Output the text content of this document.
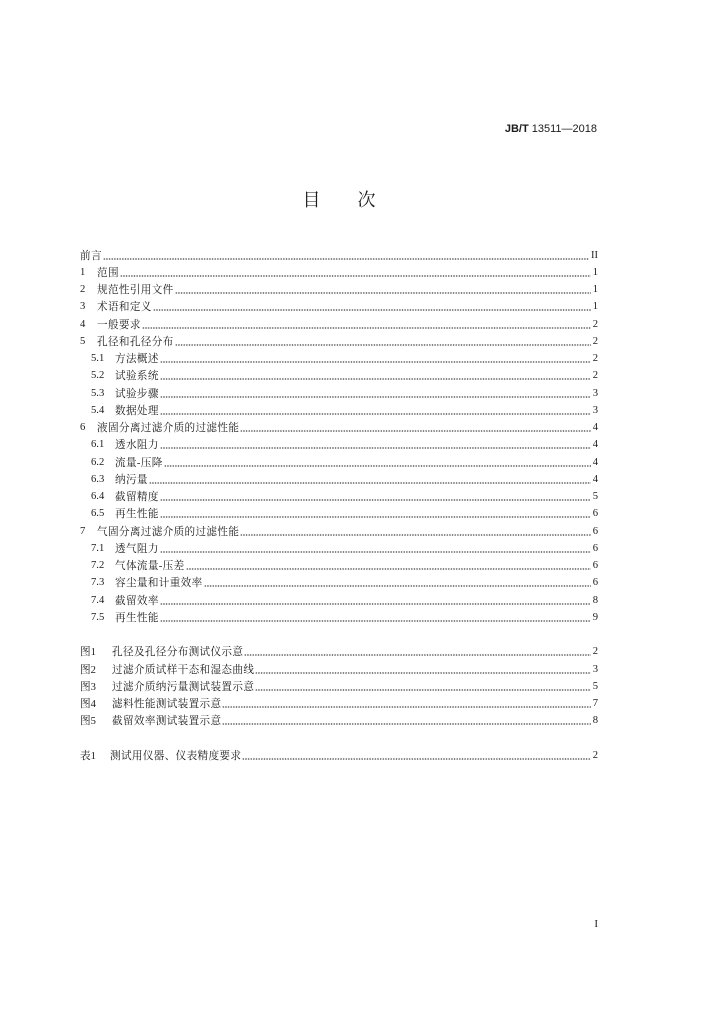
JB/T 13511—2018
目　次
前言	II
1	范围	1
2	规范性引用文件	1
3	术语和定义	1
4	一般要求	2
5	孔径和孔径分布	2
5.1	方法概述	2
5.2	试验系统	2
5.3	试验步骤	3
5.4	数据处理	3
6	液固分离过滤介质的过滤性能	4
6.1	透水阻力	4
6.2	流量-压降	4
6.3	纳污量	4
6.4	截留精度	5
6.5	再生性能	6
7	气固分离过滤介质的过滤性能	6
7.1	透气阻力	6
7.2	气体流量-压差	6
7.3	容尘量和计重效率	6
7.4	截留效率	8
7.5	再生性能	9
图1	孔径及孔径分布测试仪示意	2
图2	过滤介质试样干态和湿态曲线	3
图3	过滤介质纳污量测试装置示意	5
图4	滤料性能测试装置示意	7
图5	截留效率测试装置示意	8
表1	测试用仪器、仪表精度要求	2
I
